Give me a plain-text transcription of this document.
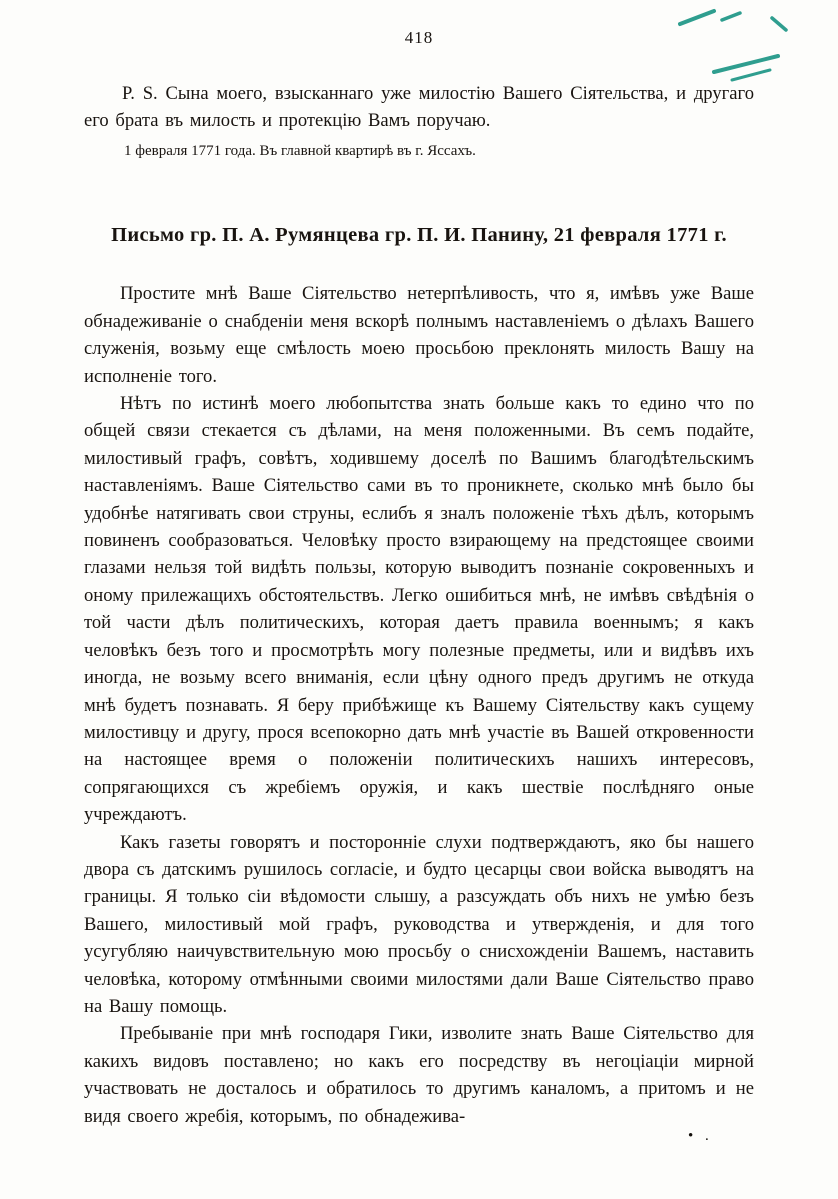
418

P. S. Сына моего, взысканнаго уже милостію Вашего Сіятельства, и другаго его брата въ милость и протекцію Вамъ поручаю.

1 февраля 1771 года. Въ главной квартирѣ въ г. Яссахъ.

Письмо гр. П. А. Румянцева гр. П. И. Панину, 21 февраля 1771 г.

Простите мнѣ Ваше Сіятельство нетерпѣливость, что я, имѣвъ уже Ваше обнадеживаніе о снабденіи меня вскорѣ полнымъ наставленіемъ о дѣлахъ Вашего служенія, возьму еще смѣлость моею просьбою преклонять милость Вашу на исполненіе того.

Нѣтъ по истинѣ моего любопытства знать больше какъ то едино что по общей связи стекается съ дѣлами, на меня положенными. Въ семъ подайте, милостивый графъ, совѣтъ, ходившему доселѣ по Вашимъ благодѣтельскимъ наставленіямъ. Ваше Сіятельство сами въ то проникнете, сколько мнѣ было бы удобнѣе натягивать свои струны, еслибъ я зналъ положеніе тѣхъ дѣлъ, которымъ повиненъ сообразоваться. Человѣку просто взирающему на предстоящее своими глазами нельзя той видѣть пользы, которую выводитъ познаніе сокровенныхъ и оному прилежащихъ обстоятельствъ. Легко ошибиться мнѣ, не имѣвъ свѣдѣнія о той части дѣлъ политическихъ, которая даетъ правила военнымъ; я какъ человѣкъ безъ того и просмотрѣть могу полезные предметы, или и видѣвъ ихъ иногда, не возьму всего вниманія, если цѣну одного предъ другимъ не откуда мнѣ будетъ познавать. Я беру прибѣжище къ Вашему Сіятельству какъ сущему милостивцу и другу, прося всепокорно дать мнѣ участіе въ Вашей откровенности на настоящее время о положеніи политическихъ нашихъ интересовъ, сопрягающихся съ жребіемъ оружія, и какъ шествіе послѣдняго оные учреждаютъ.

Какъ газеты говорятъ и посторонніе слухи подтверждаютъ, яко бы нашего двора съ датскимъ рушилось согласіе, и будто цесарцы свои войска выводятъ на границы. Я только сіи вѣдомости слышу, а разсуждать объ нихъ не умѣю безъ Вашего, милостивый мой графъ, руководства и утвержденія, и для того усугубляю наичувствительную мою просьбу о снисхожденіи Вашемъ, наставить человѣка, которому отмѣнными своими милостями дали Ваше Сіятельство право на Вашу помощь.

Пребываніе при мнѣ господаря Гики, изволите знать Ваше Сіятельство для какихъ видовъ поставлено; но какъ его посредству въ негоціаціи мирной участвовать не досталось и обратилось то другимъ каналомъ, а притомъ и не видя своего жребія, которымъ, по обнадежива-

• .
